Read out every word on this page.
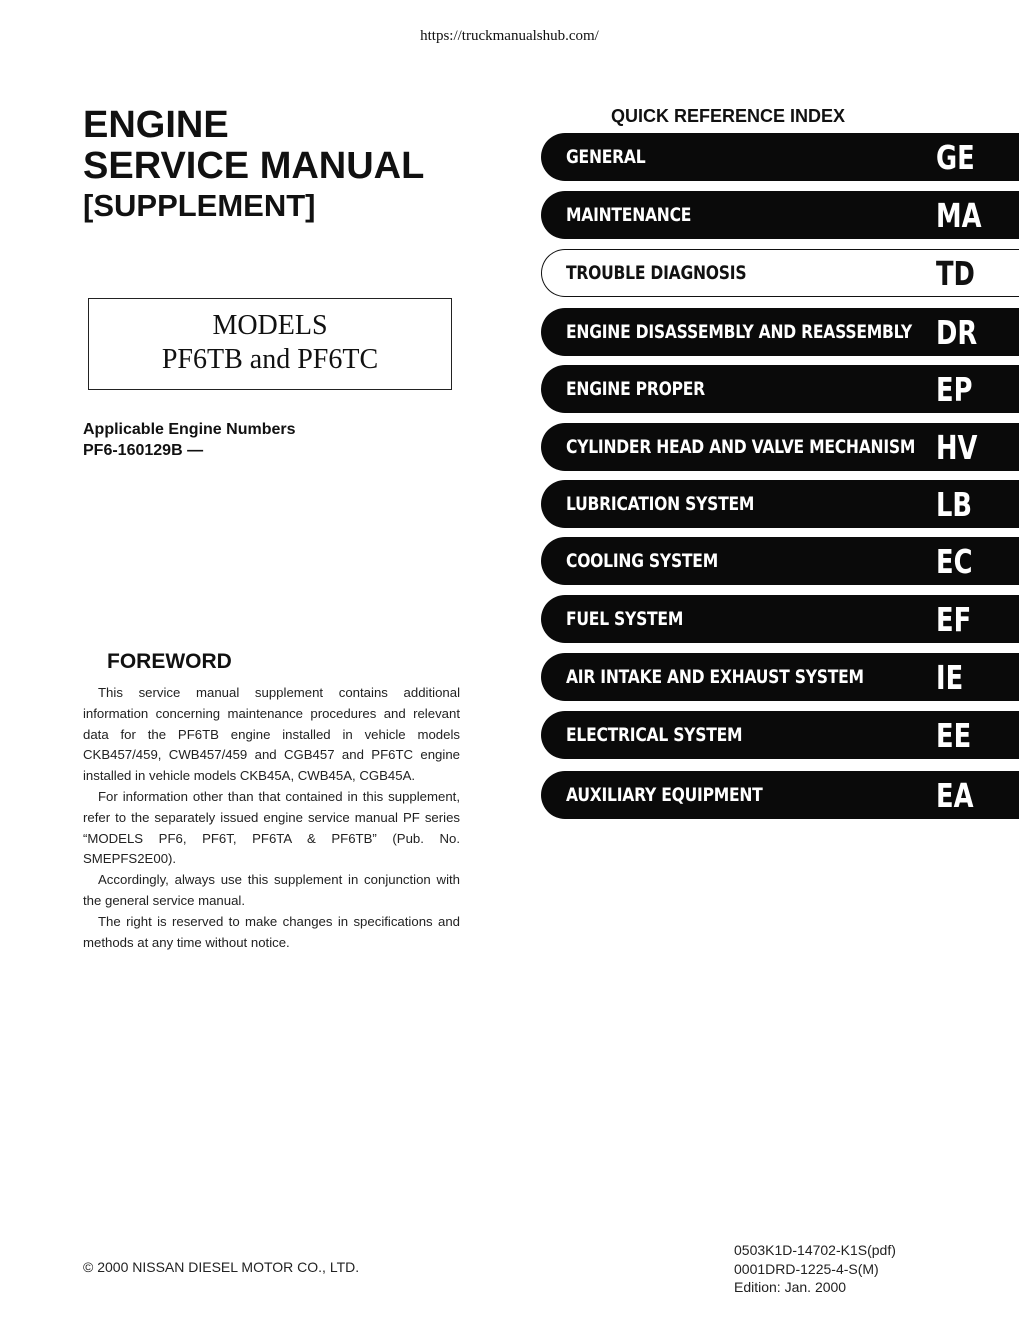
https://truckmanualshub.com/
ENGINE
SERVICE MANUAL
[SUPPLEMENT]
MODELS
PF6TB and PF6TC
Applicable Engine Numbers
PF6-160129B —
FOREWORD

This service manual supplement contains additional information concerning maintenance procedures and relevant data for the PF6TB engine installed in vehicle models CKB457/459, CWB457/459 and CGB457 and PF6TC engine installed in vehicle models CKB45A, CWB45A, CGB45A.

For information other than that contained in this supplement, refer to the separately issued engine service manual PF series “MODELS PF6, PF6T, PF6TA & PF6TB” (Pub. No. SMEPFS2E00).

Accordingly, always use this supplement in conjunction with the general service manual.

The right is reserved to make changes in specifications and methods at any time without notice.

QUICK REFERENCE INDEX
GENERAL	GE
MAINTENANCE	MA
TROUBLE DIAGNOSIS	TD
ENGINE DISASSEMBLY AND REASSEMBLY DR
ENGINE PROPER	EP
CYLINDER HEAD AND VALVE MECHANISM HV
LUBRICATION SYSTEM	LB
COOLING SYSTEM	EC
FUEL SYSTEM	EF
AIR INTAKE AND EXHAUST SYSTEM IE
ELECTRICAL SYSTEM	EE
AUXILIARY EQUIPMENT	EA
© 2000 NISSAN DIESEL MOTOR CO., LTD.
0503K1D-14702-K1S(pdf)
0001DRD-1225-4-S(M)
Edition: Jan. 2000
